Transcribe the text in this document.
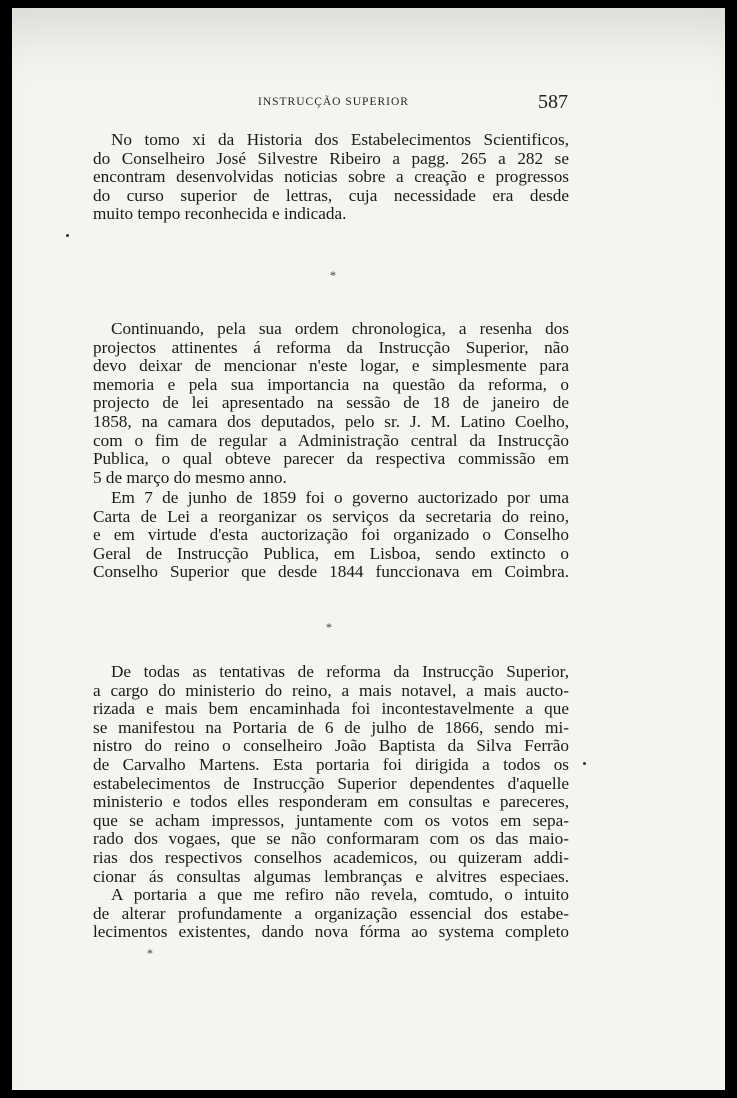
INSTRUCÇÃO SUPERIOR	587
No tomo xi da Historia dos Estabelecimentos Scientificos,
do Conselheiro José Silvestre Ribeiro a pagg. 265 a 282 se
encontram desenvolvidas noticias sobre a creação e progressos
do curso superior de lettras, cuja necessidade era desde
muito tempo reconhecida e indicada.
*
Continuando, pela sua ordem chronologica, a resenha dos
projectos attinentes á reforma da Instrucção Superior, não
devo deixar de mencionar n'este logar, e simplesmente para
memoria e pela sua importancia na questão da reforma, o
projecto de lei apresentado na sessão de 18 de janeiro de
1858, na camara dos deputados, pelo sr. J. M. Latino Coelho,
com o fim de regular a Administração central da Instrucção
Publica, o qual obteve parecer da respectiva commissão em
5 de março do mesmo anno.
Em 7 de junho de 1859 foi o governo auctorizado por uma
Carta de Lei a reorganizar os serviços da secretaria do reino,
e em virtude d'esta auctorização foi organizado o Conselho
Geral de Instrucção Publica, em Lisboa, sendo extincto o
Conselho Superior que desde 1844 funccionava em Coimbra.
*
De todas as tentativas de reforma da Instrucção Superior,
a cargo do ministerio do reino, a mais notavel, a mais aucto-
rizada e mais bem encaminhada foi incontestavelmente a que
se manifestou na Portaria de 6 de julho de 1866, sendo mi-
nistro do reino o conselheiro João Baptista da Silva Ferrão
de Carvalho Martens. Esta portaria foi dirigida a todos os
estabelecimentos de Instrucção Superior dependentes d'aquelle
ministerio e todos elles responderam em consultas e pareceres,
que se acham impressos, juntamente com os votos em sepa-
rado dos vogaes, que se não conformaram com os das maio-
rias dos respectivos conselhos academicos, ou quizeram addi-
cionar ás consultas algumas lembranças e alvitres especiaes.
A portaria a que me refiro não revela, comtudo, o intuito
de alterar profundamente a organização essencial dos estabe-
lecimentos existentes, dando nova fórma ao systema completo
*
